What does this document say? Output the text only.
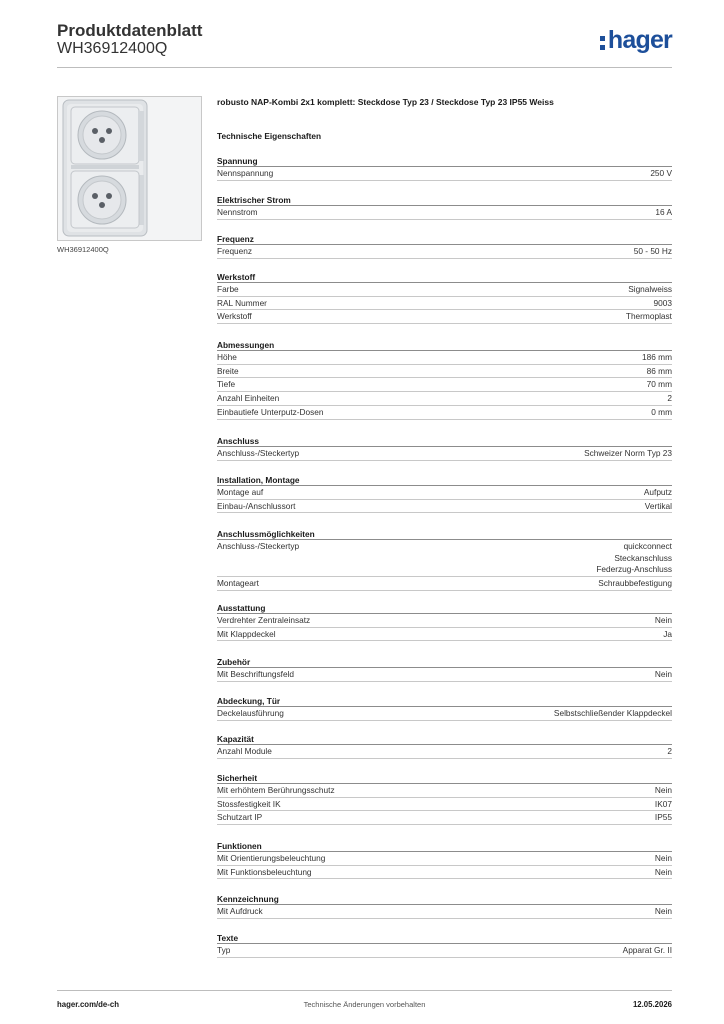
Produktdatenblatt
WH36912400Q	hager
WH36912400Q
robusto NAP-Kombi 2x1 komplett: Steckdose Typ 23 / Steckdose Typ 23 IP55 Weiss
Technische Eigenschaften
Spannung
Nennspannung	250 V
Elektrischer Strom
Nennstrom	16 A
Frequenz
Frequenz	50 - 50 Hz
Werkstoff
Farbe	Signalweiss
RAL Nummer	9003
Werkstoff	Thermoplast
Abmessungen
Höhe	186 mm
Breite	86 mm
Tiefe	70 mm
Anzahl Einheiten	2
Einbautiefe Unterputz-Dosen	0 mm
Anschluss
Anschluss-/Steckertyp	Schweizer Norm Typ 23
Installation, Montage
Montage auf	Aufputz
Einbau-/Anschlussort	Vertikal
Anschlussmöglichkeiten
Anschluss-/Steckertyp	quickconnect
Steckanschluss
Federzug-Anschluss
Montageart	Schraubbefestigung
Ausstattung
Verdrehter Zentraleinsatz	Nein
Mit Klappdeckel	Ja
Zubehör
Mit Beschriftungsfeld	Nein
Abdeckung, Tür
Deckelausführung	Selbstschließender Klappdeckel
Kapazität
Anzahl Module	2
Sicherheit
Mit erhöhtem Berührungsschutz	Nein
Stossfestigkeit IK	IK07
Schutzart IP	IP55
Funktionen
Mit Orientierungsbeleuchtung	Nein
Mit Funktionsbeleuchtung	Nein
Kennzeichnung
Mit Aufdruck	Nein
Texte
Typ	Apparat Gr. II
hager.com/de-ch	Technische Änderungen vorbehalten	12.05.2026
